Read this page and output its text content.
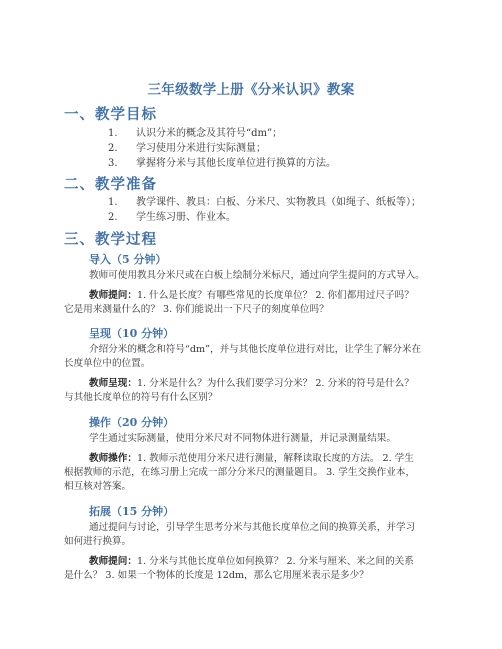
三年级数学上册《分米认识》教案
一、教学目标
1. 认识分米的概念及其符号“dm”；
2. 学习使用分米进行实际测量；
3. 掌握将分米与其他长度单位进行换算的方法。
二、教学准备
1. 教学课件、教具：白板、分米尺、实物教具（如绳子、纸板等）；
2. 学生练习册、作业本。
三、教学过程
导入（5 分钟）
教师可使用教具分米尺或在白板上绘制分米标尺，通过向学生提问的方式导入。
教师提问：1. 什么是长度？有哪些常见的长度单位？ 2. 你们都用过尺子吗？
它是用来测量什么的？ 3. 你们能说出一下尺子的刻度单位吗？
呈现（10 分钟）
介绍分米的概念和符号“dm”，并与其他长度单位进行对比，让学生了解分米在
长度单位中的位置。
教师呈现：1. 分米是什么？为什么我们要学习分米？ 2. 分米的符号是什么？
与其他长度单位的符号有什么区别？
操作（20 分钟）
学生通过实际测量，使用分米尺对不同物体进行测量，并记录测量结果。
教师操作：1. 教师示范使用分米尺进行测量，解释读取长度的方法。 2. 学生
根据教师的示范，在练习册上完成一部分分米尺的测量题目。 3. 学生交换作业本，
相互核对答案。
拓展（15 分钟）
通过提问与讨论，引导学生思考分米与其他长度单位之间的换算关系，并学习
如何进行换算。
教师提问：1. 分米与其他长度单位如何换算？ 2. 分米与厘米、米之间的关系
是什么？ 3. 如果一个物体的长度是 12dm，那么它用厘米表示是多少？
